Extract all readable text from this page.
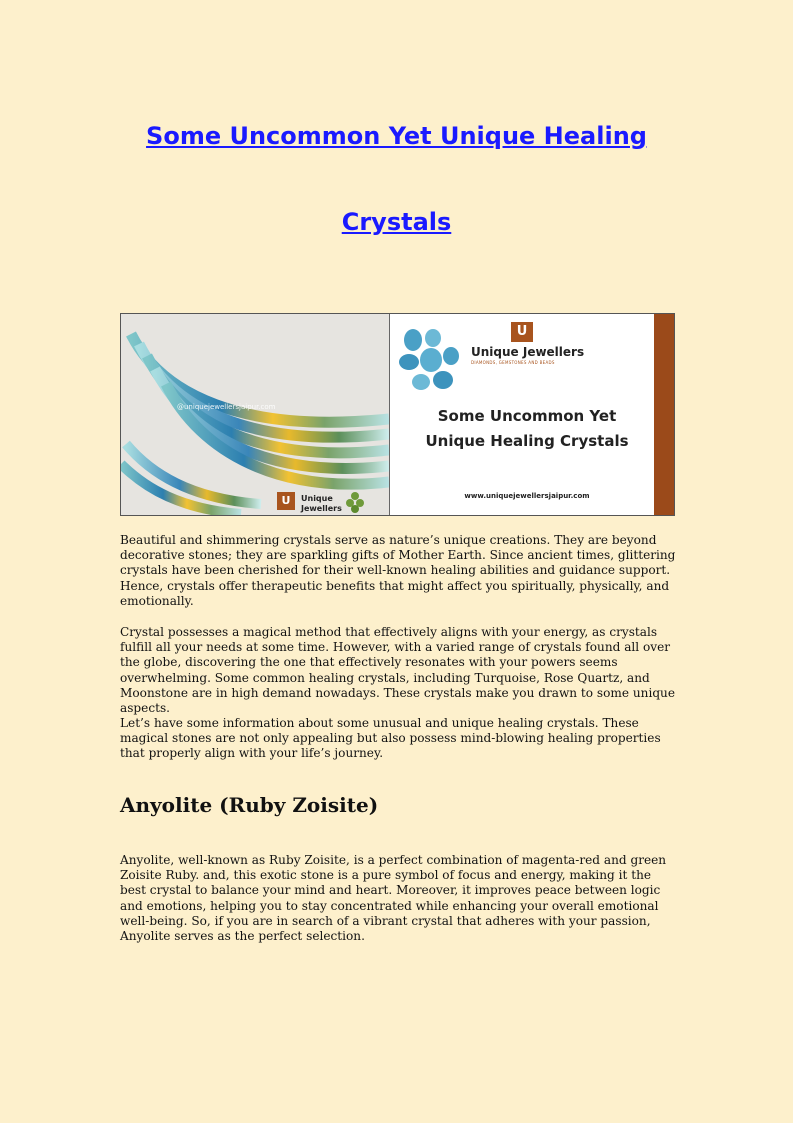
Some Uncommon Yet Unique Healing
Crystals
@uniquejewellersjaipur.com
U	Unique
Jewellers
U
Unique Jewellers
DIAMONDS, GEMSTONES AND BEADS
Some Uncommon Yet
Unique Healing Crystals
www.uniquejewellersjaipur.com

Beautiful and shimmering crystals serve as nature’s unique creations. They are beyond decorative stones; they are sparkling gifts of Mother Earth. Since ancient times, glittering crystals have been cherished for their well-known healing abilities and guidance support. Hence, crystals offer therapeutic benefits that might affect you spiritually, physically, and emotionally.

Crystal possesses a magical method that effectively aligns with your energy, as crystals fulfill all your needs at some time. However, with a varied range of crystals found all over the globe, discovering the one that effectively resonates with your powers seems overwhelming. Some common healing crystals, including Turquoise, Rose Quartz, and Moonstone are in high demand nowadays. These crystals make you drawn to some unique aspects.

Let’s have some information about some unusual and unique healing crystals. These magical stones are not only appealing but also possess mind-blowing healing properties that properly align with your life’s journey.

Anyolite (Ruby Zoisite)

Anyolite, well-known as Ruby Zoisite, is a perfect combination of magenta-red and green Zoisite Ruby. and, this exotic stone is a pure symbol of focus and energy, making it the best crystal to balance your mind and heart. Moreover, it improves peace between logic and emotions, helping you to stay concentrated while enhancing your overall emotional well-being. So, if you are in search of a vibrant crystal that adheres with your passion, Anyolite serves as the perfect selection.
